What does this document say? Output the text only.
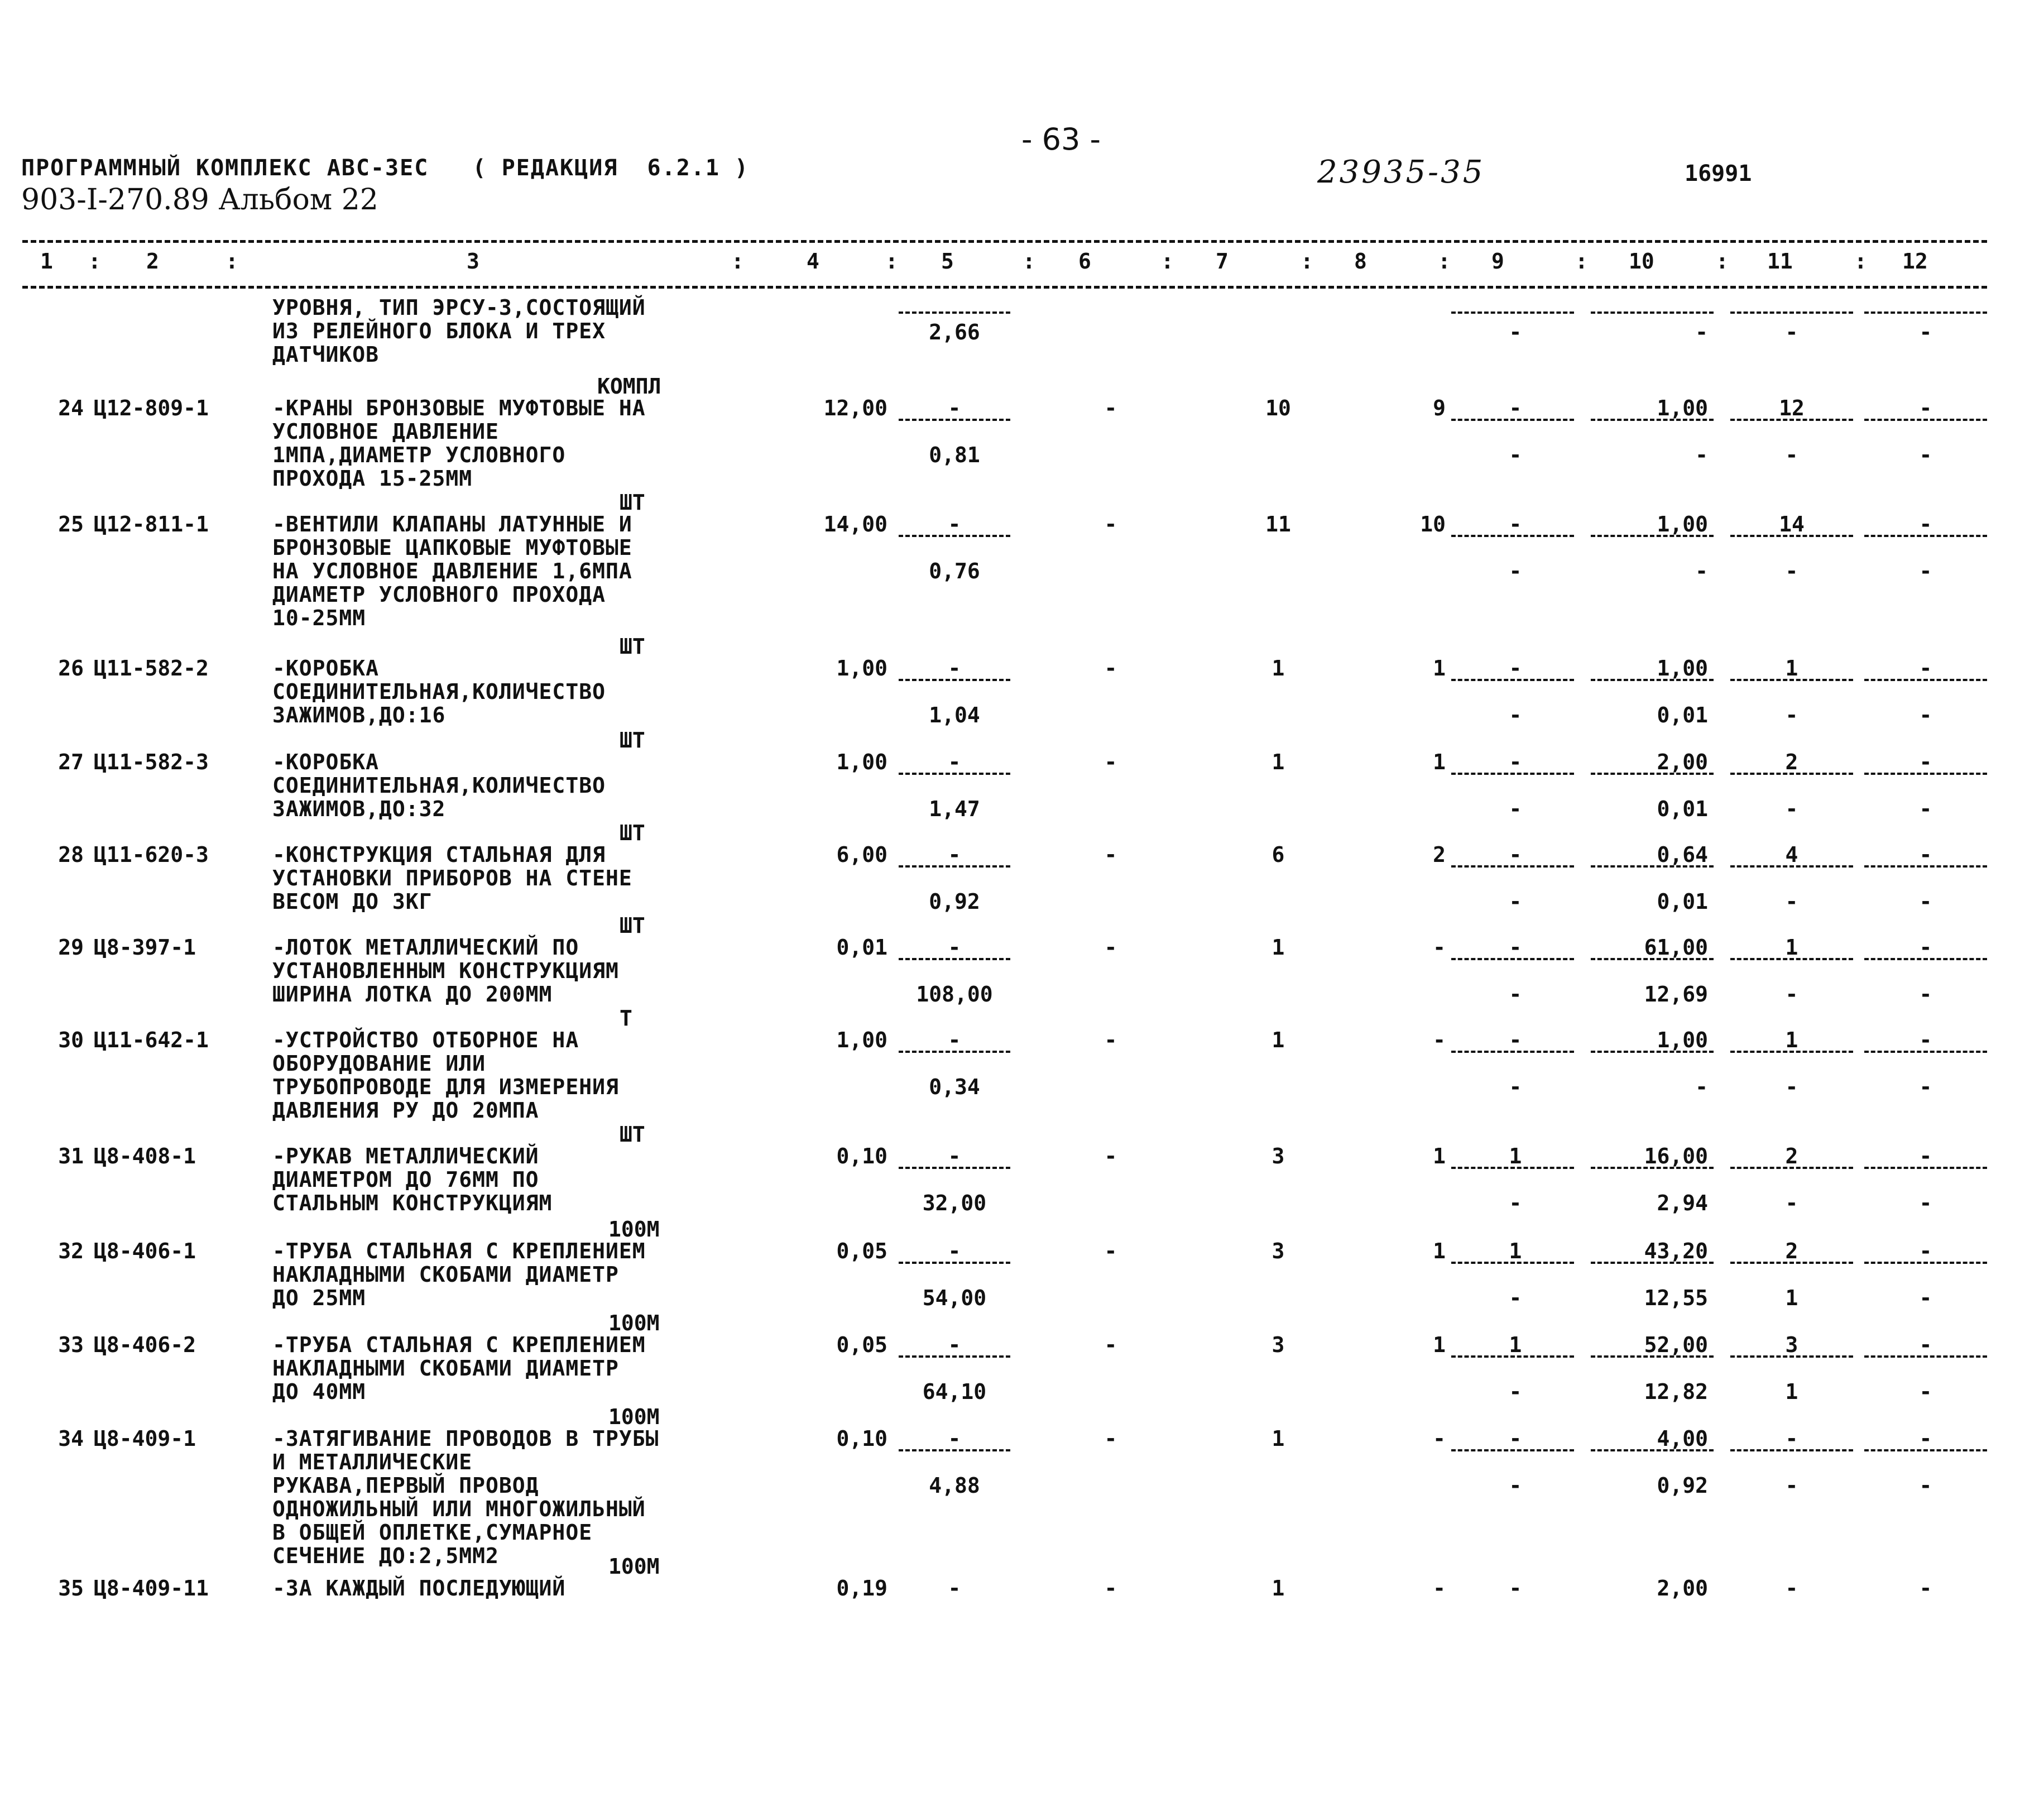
- 63 -
ПРОГРАММНЫЙ КОМПЛЕКС АВС-ЗЕС   ( РЕДАКЦИЯ  6.2.1 )
903-I-270.89 Альбом 22
23935-35	16991
1 : 2	:	3	:	4	: 5	: 6	: 7	: 8	: 9	: 10	: 11	: 12
УРОВНЯ, ТИП ЭРСУ-3,СОСТОЯЩИЙ
ИЗ РЕЛЕЙНОГО БЛОКА И ТРЕХ
ДАТЧИКОВ
2,66	-	-	-	-
КОМПЛ
24 Ц12-809-1	-КРАНЫ БРОНЗОВЫЕ МУФТОВЫЕ НА
УСЛОВНОЕ ДАВЛЕНИЕ
1МПА,ДИАМЕТР УСЛОВНОГО
ПРОХОДА 15-25ММ
12,00	-	-	10	9	-	1,00	12	-
0,81	-	-	-	-
ШТ
25 Ц12-811-1	-ВЕНТИЛИ КЛАПАНЫ ЛАТУННЫЕ И
БРОНЗОВЫЕ ЦАПКОВЫЕ МУФТОВЫЕ
НА УСЛОВНОЕ ДАВЛЕНИЕ 1,6МПА
ДИАМЕТР УСЛОВНОГО ПРОХОДА
10-25ММ
14,00	-	-	11	10	-	1,00	14	-
0,76	-	-	-	-
ШТ
26 Ц11-582-2	-КОРОБКА
СОЕДИНИТЕЛЬНАЯ,КОЛИЧЕСТВО
ЗАЖИМОВ,ДО:16
1,00	-	-	1	1	-	1,00	1	-
1,04	-	0,01	-	-
ШТ
27 Ц11-582-3	-КОРОБКА
СОЕДИНИТЕЛЬНАЯ,КОЛИЧЕСТВО
ЗАЖИМОВ,ДО:32
1,00	-	-	1	1	-	2,00	2	-
1,47	-	0,01	-	-
ШТ
28 Ц11-620-3	-КОНСТРУКЦИЯ СТАЛЬНАЯ ДЛЯ
УСТАНОВКИ ПРИБОРОВ НА СТЕНЕ
ВЕСОМ ДО 3КГ
6,00	-	-	6	2	-	0,64	4	-
0,92	-	0,01	-	-
ШТ
29 Ц8-397-1	-ЛОТОК МЕТАЛЛИЧЕСКИЙ ПО
УСТАНОВЛЕННЫМ КОНСТРУКЦИЯМ
ШИРИНА ЛОТКА ДО 200ММ
0,01	-	-	1	-	-	61,00	1	-
108,00	-	12,69	-	-
Т
30 Ц11-642-1	-УСТРОЙСТВО ОТБОРНОЕ НА
ОБОРУДОВАНИЕ ИЛИ
ТРУБОПРОВОДЕ ДЛЯ ИЗМЕРЕНИЯ
ДАВЛЕНИЯ РУ ДО 20МПА
1,00	-	-	1	-	-	1,00	1	-
0,34	-	-	-	-
ШТ
31 Ц8-408-1	-РУКАВ МЕТАЛЛИЧЕСКИЙ
ДИАМЕТРОМ ДО 76ММ ПО
СТАЛЬНЫМ КОНСТРУКЦИЯМ
0,10	-	-	3	1	1	16,00	2	-
32,00	-	2,94	-	-
100М
32 Ц8-406-1	-ТРУБА СТАЛЬНАЯ С КРЕПЛЕНИЕМ
НАКЛАДНЫМИ СКОБАМИ ДИАМЕТР
ДО 25ММ
0,05	-	-	3	1	1	43,20	2	-
54,00	-	12,55	1	-
100М
33 Ц8-406-2	-ТРУБА СТАЛЬНАЯ С КРЕПЛЕНИЕМ
НАКЛАДНЫМИ СКОБАМИ ДИАМЕТР
ДО 40ММ
0,05	-	-	3	1	1	52,00	3	-
64,10	-	12,82	1	-
100М
34 Ц8-409-1	-ЗАТЯГИВАНИЕ ПРОВОДОВ В ТРУБЫ
И МЕТАЛЛИЧЕСКИЕ
РУКАВА,ПЕРВЫЙ ПРОВОД
ОДНОЖИЛЬНЫЙ ИЛИ МНОГОЖИЛЬНЫЙ
В ОБЩЕЙ ОПЛЕТКЕ,СУМАРНОЕ
СЕЧЕНИЕ ДО:2,5ММ2
0,10	-	-	1	-	-	4,00	-	-
4,88	-	0,92	-	-
100М
35 Ц8-409-11	-ЗА КАЖДЫЙ ПОСЛЕДУЮЩИЙ	0,19	-	-	1	-	-	2,00	-	-
